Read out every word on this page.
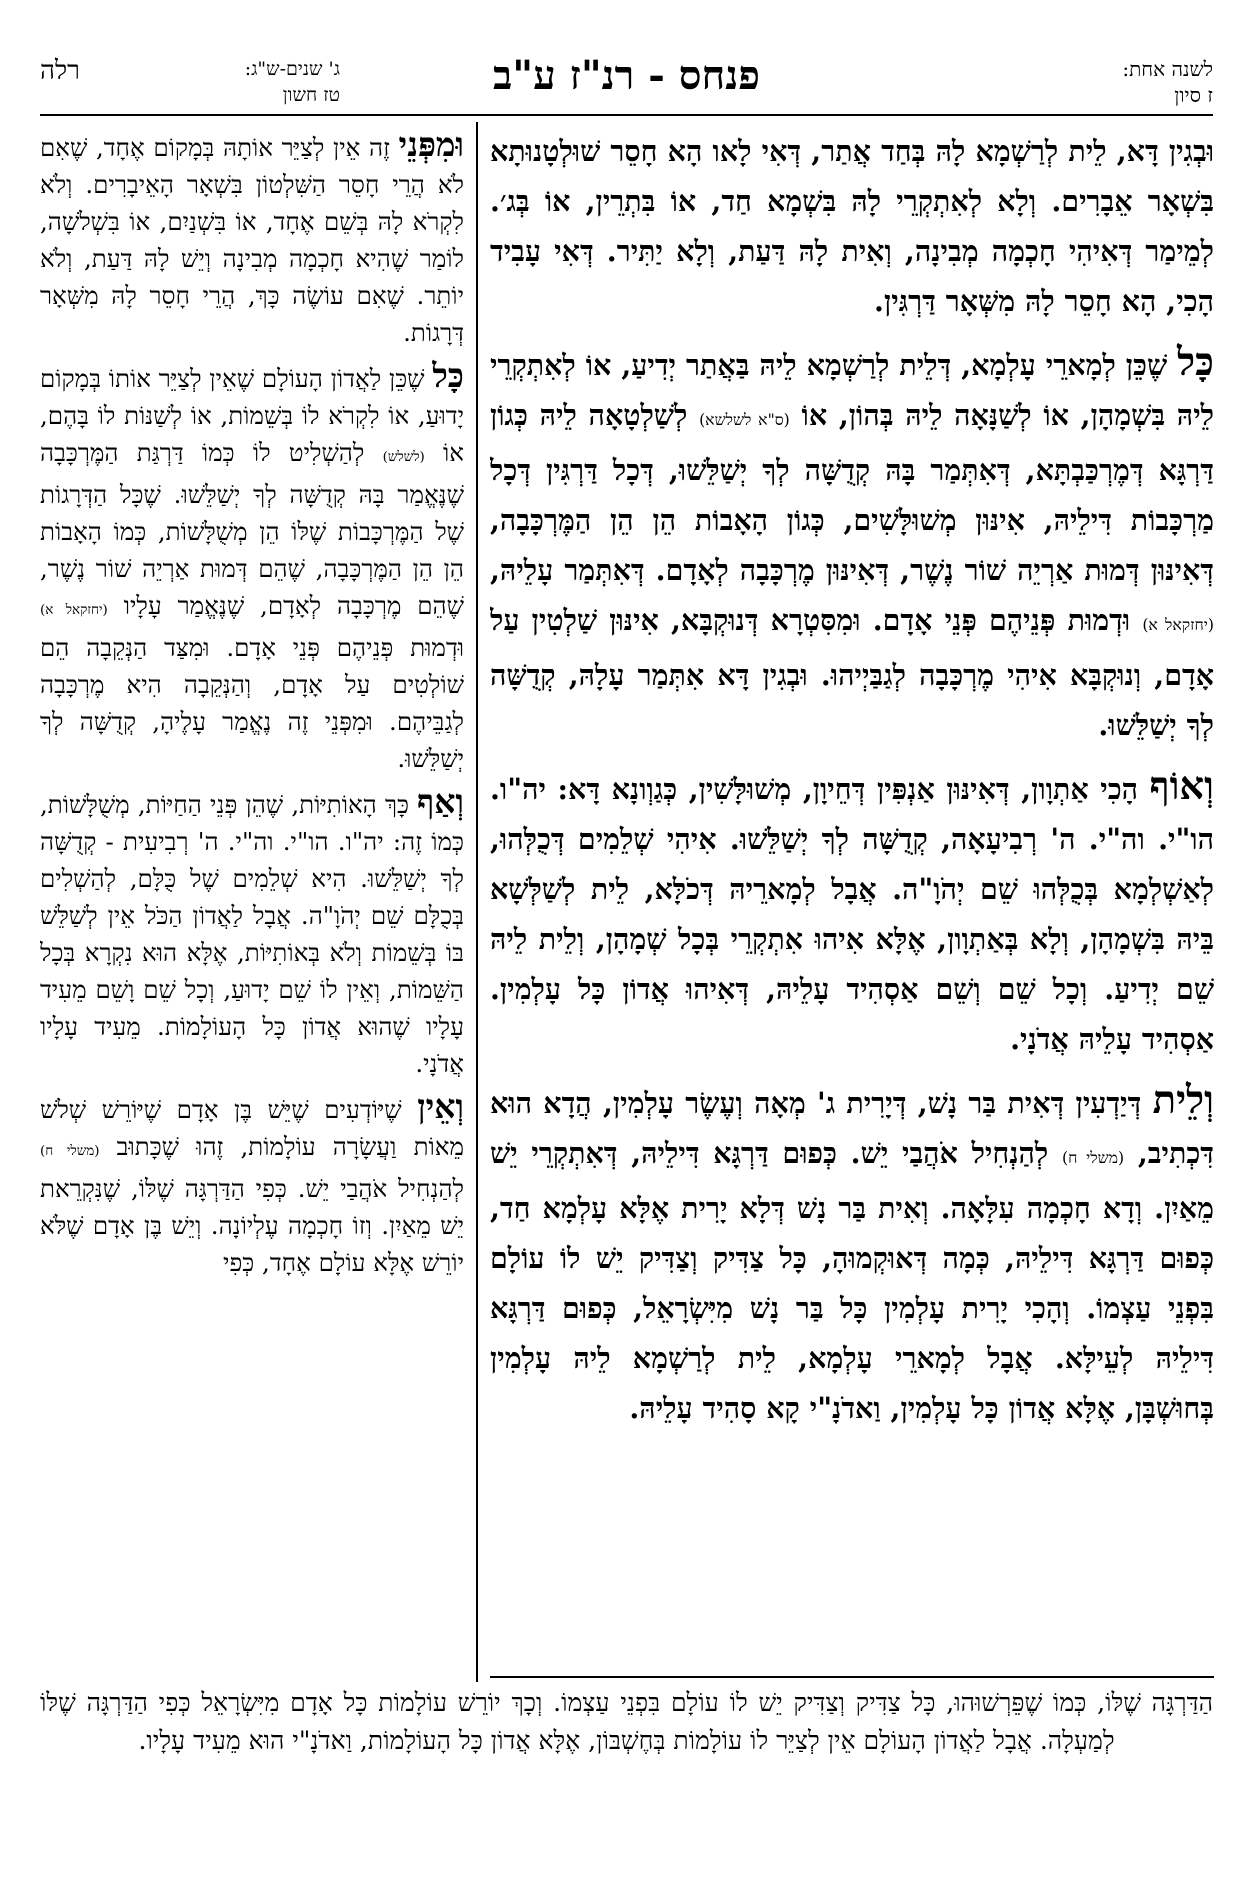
לשנה אחת:
ז סיון
פנחס - רנ"ז ע"ב
רלה	ג' שנים-ש"ג:
טז חשון

וּבְגִין דָּא, לֵית לְרַשְׁמָא לָהּ בְּחַד אֲתַר, דְּאִי לָאו הָא חָסֵר שׁוּלְטָנוּתָא בִּשְׁאָר אֵבָרִים. וְלָא לְאִתְקְרֵי לָהּ בִּשְׁמָא חַד, אוֹ בִּתְרֵין, אוֹ בְּג׳. לְמֵימַר דְּאִיהִי חָכְמָה מְבִינָה, וְאִית לָהּ דַּעַת, וְלָא יַתִּיר. דְּאִי עָבִיד הָכִי, הָא חָסֵר לָהּ מִשְּׁאָר דַּרְגִּין.

כָּל שֶׁכֵּן לְמָארֵי עָלְמָא, דְּלֵית לְרַשְׁמָא לֵיהּ בַּאֲתַר יְדִיעַ, אוֹ לְאִתְקְרֵי לֵיהּ בִּשְׁמָהָן, אוֹ לְשַׁנָּאָה לֵיהּ בְּהוֹן, אוֹ (ס"א לשלשא) לְשַׁלְטָאָה לֵיהּ כְּגוֹן דַּרְגָּא דְּמֶרְכַּבְתָּא, דְּאִתְּמַר בָּהּ קְדֻשָּׁה לְךָ יְשַׁלֵּשׁוּ, דְּכָל דַּרְגִּין דְּכָל מַרְכָּבוֹת דִּילֵיהּ, אִינּוּן מְשׁוּלָּשִׁים, כְּגוֹן הָאָבוֹת הֵן הֵן הַמֶּרְכָּבָה, דְּאִינּוּן דְּמוּת אַרְיֵה שׁוֹר נֶשֶׁר, דְּאִינּוּן מֶרְכָּבָה לְאָדָם. דְּאִתְּמַר עָלֵיהּ, (יחזקאל א) וּדְמוּת פְּנֵיהֶם פְּנֵי אָדָם. וּמִסִּטְרָא דְּנוּקְבָּא, אִינּוּן שַׁלְטִין עַל אָדָם, וְנוּקְבָּא אִיהִי מֶרְכָּבָה לְגַבַּיְיהוּ. וּבְגִין דָּא אִתְּמַר עָלָהּ, קְדֻשָּׁה לְךָ יְשַׁלֵּשׁוּ.

וְאוֹף הָכִי אַתְוָון, דְּאִינּוּן אַנְפִּין דְּחֵיוָן, מְשׁוּלָּשִׁין, כְּגַוְונָא דָּא: יה"ו. הו"י. וה"י. ה' רְבִיעָאָה, קְדֻשָּׁה לְךָ יְשַׁלֵּשׁוּ. אִיהִי שְׁלֵמִים דְּכֻלְּהוּ, לְאַשְׁלְמָא בְּכֻלְּהוּ שֵׁם יְהֹוָ"ה. אֲבָל לְמָארֵיהּ דְּכֹלָּא, לֵית לְשַׁלְּשָׁא בֵּיהּ בִּשְׁמָהָן, וְלָא בְּאַתְוָון, אֶלָּא אִיהוּ אִתְקְרֵי בְּכָל שְׁמָהָן, וְלֵית לֵיהּ שֵׁם יְדִיעַ. וְכָל שֵׁם וְשֵׁם אַסְהִיד עָלֵיהּ, דְּאִיהוּ אֲדוֹן כָּל עָלְמִין. אַסְהִיד עָלֵיהּ אֲדֹנָי.

וְלֵית דְּיַדְעִין דְּאִית בַּר נָשׁ, דְּיָרִית ג' מְאָה וְעֶשֶׂר עָלְמִין, הֲדָא הוּא דִּכְתִיב, (משלי ח) לְהַנְחִיל אֹהֲבַי יֵשׁ. כְּפוּם דַּרְגָּא דִּילֵיהּ, דְּאִתְקְרֵי יֵשׁ מֵאַיִן. וְדָא חָכְמָה עִלָּאָה. וְאִית בַּר נָשׁ דְּלָא יָרִית אֶלָּא עָלְמָא חַד, כְּפוּם דַּרְגָּא דִּילֵיהּ, כְּמָה דְּאוּקְמוּהָ, כָּל צַדִּיק וְצַדִּיק יֵשׁ לוֹ עוֹלָם בִּפְנֵי עַצְמוֹ. וְהָכִי יָרִית עָלְמִין כָּל בַּר נָשׁ מִיִּשְׂרָאֵל, כְּפוּם דַּרְגָּא דִּילֵיהּ לְעֵילָּא. אֲבָל לְמָארֵי עָלְמָא, לֵית לְרַשְׁמָא לֵיהּ עָלְמִין בְּחוּשְׁבָּן, אֶלָּא אֲדוֹן כָּל עָלְמִין, וַאדֹנָ"י קָא סָהִיד עָלֵיהּ.

וּמִפְּנֵי זֶה אֵין לְצַיֵּר אוֹתָהּ בְּמָקוֹם אֶחָד, שֶׁאִם לֹא הֲרֵי חָסֵר הַשִּׁלְטוֹן בִּשְׁאָר הָאֵיבָרִים. וְלֹא לִקְרֹא לָהּ בְּשֵׁם אֶחָד, אוֹ בִּשְׁנַיִם, אוֹ בִּשְׁלֹשָׁה, לוֹמַר שֶׁהִיא חָכְמָה מְבִינָה וְיֵשׁ לָהּ דַּעַת, וְלֹא יוֹתֵר. שֶׁאִם עוֹשֶׂה כָּךְ, הֲרֵי חָסֵר לָהּ מִשְּׁאָר דְּרָגוֹת.

כָּל שֶׁכֵּן לַאֲדוֹן הָעוֹלָם שֶׁאֵין לְצַיֵּר אוֹתוֹ בְּמָקוֹם יָדוּעַ, אוֹ לִקְרֹא לוֹ בְּשֵׁמוֹת, אוֹ לְשַׁנּוֹת לוֹ בָּהֶם, אוֹ (לשלש) לְהַשְׁלִיט לוֹ כְּמוֹ דַּרְגַּת הַמֶּרְכָּבָה שֶׁנֶּאֱמַר בָּהּ קְדֻשָּׁה לְךָ יְשַׁלֵּשׁוּ. שֶׁכָּל הַדְּרָגוֹת שֶׁל הַמֶּרְכָּבוֹת שֶׁלּוֹ הֵן מְשֻׁלָּשׁוֹת, כְּמוֹ הָאָבוֹת הֵן הֵן הַמֶּרְכָּבָה, שֶׁהֵם דְּמוּת אַרְיֵה שׁוֹר נֶשֶׁר, שֶׁהֵם מֶרְכָּבָה לְאָדָם, שֶׁנֶּאֱמַר עָלָיו (יחזקאל א) וּדְמוּת פְּנֵיהֶם פְּנֵי אָדָם. וּמִצַּד הַנְּקֵבָה הֵם שׁוֹלְטִים עַל אָדָם, וְהַנְּקֵבָה הִיא מֶרְכָּבָה לְגַבֵּיהֶם. וּמִפְּנֵי זֶה נֶאֱמַר עָלֶיהָ, קְדֻשָּׁה לְךָ יְשַׁלֵּשׁוּ.

וְאַף כָּךְ הָאוֹתִיּוֹת, שֶׁהֵן פְּנֵי הַחַיּוֹת, מְשֻׁלָּשׁוֹת, כְּמוֹ זֶה: יה"ו. הו"י. וה"י. ה' רְבִיעִית - קְדֻשָּׁה לְךָ יְשַׁלֵּשׁוּ. הִיא שְׁלֵמִים שֶׁל כֻּלָּם, לְהַשְׁלִים בְּכֻלָּם שֵׁם יְהֹוָ"ה. אֲבָל לַאֲדוֹן הַכֹּל אֵין לְשַׁלֵּשׁ בּוֹ בְּשֵׁמוֹת וְלֹא בְּאוֹתִיּוֹת, אֶלָּא הוּא נִקְרָא בְּכָל הַשֵּׁמוֹת, וְאֵין לוֹ שֵׁם יָדוּעַ, וְכָל שֵׁם וָשֵׁם מֵעִיד עָלָיו שֶׁהוּא אֲדוֹן כָּל הָעוֹלָמוֹת. מֵעִיד עָלָיו אֲדֹנָי.

וְאֵין שֶׁיּוֹדְעִים שֶׁיֵּשׁ בֶּן אָדָם שֶׁיּוֹרֵשׁ שְׁלֹשׁ מֵאוֹת וַעֲשָׂרָה עוֹלָמוֹת, זֶהוּ שֶׁכָּתוּב (משלי ח) לְהַנְחִיל אֹהֲבַי יֵשׁ. כְּפִי הַדַּרְגָּה שֶׁלּוֹ, שֶׁנִּקְרֵאת יֵשׁ מֵאַיִן. וְזוֹ חָכְמָה עֶלְיוֹנָה. וְיֵשׁ בֶּן אָדָם שֶׁלֹּא יוֹרֵשׁ אֶלָּא עוֹלָם אֶחָד, כְּפִי

הַדַּרְגָּה שֶׁלּוֹ, כְּמוֹ שֶׁפֵּרְשׁוּהוּ, כָּל צַדִּיק וְצַדִּיק יֵשׁ לוֹ עוֹלָם בִּפְנֵי עַצְמוֹ. וְכָךְ יוֹרֵשׁ עוֹלָמוֹת כָּל אָדָם מִיִּשְׂרָאֵל כְּפִי הַדַּרְגָּה שֶׁלּוֹ לְמַעְלָה. אֲבָל לַאֲדוֹן הָעוֹלָם אֵין לְצַיֵּר לוֹ עוֹלָמוֹת בְּחֶשְׁבּוֹן, אֶלָּא אֲדוֹן כָּל הָעוֹלָמוֹת, וַאדֹנָ"י הוּא מֵעִיד עָלָיו.
